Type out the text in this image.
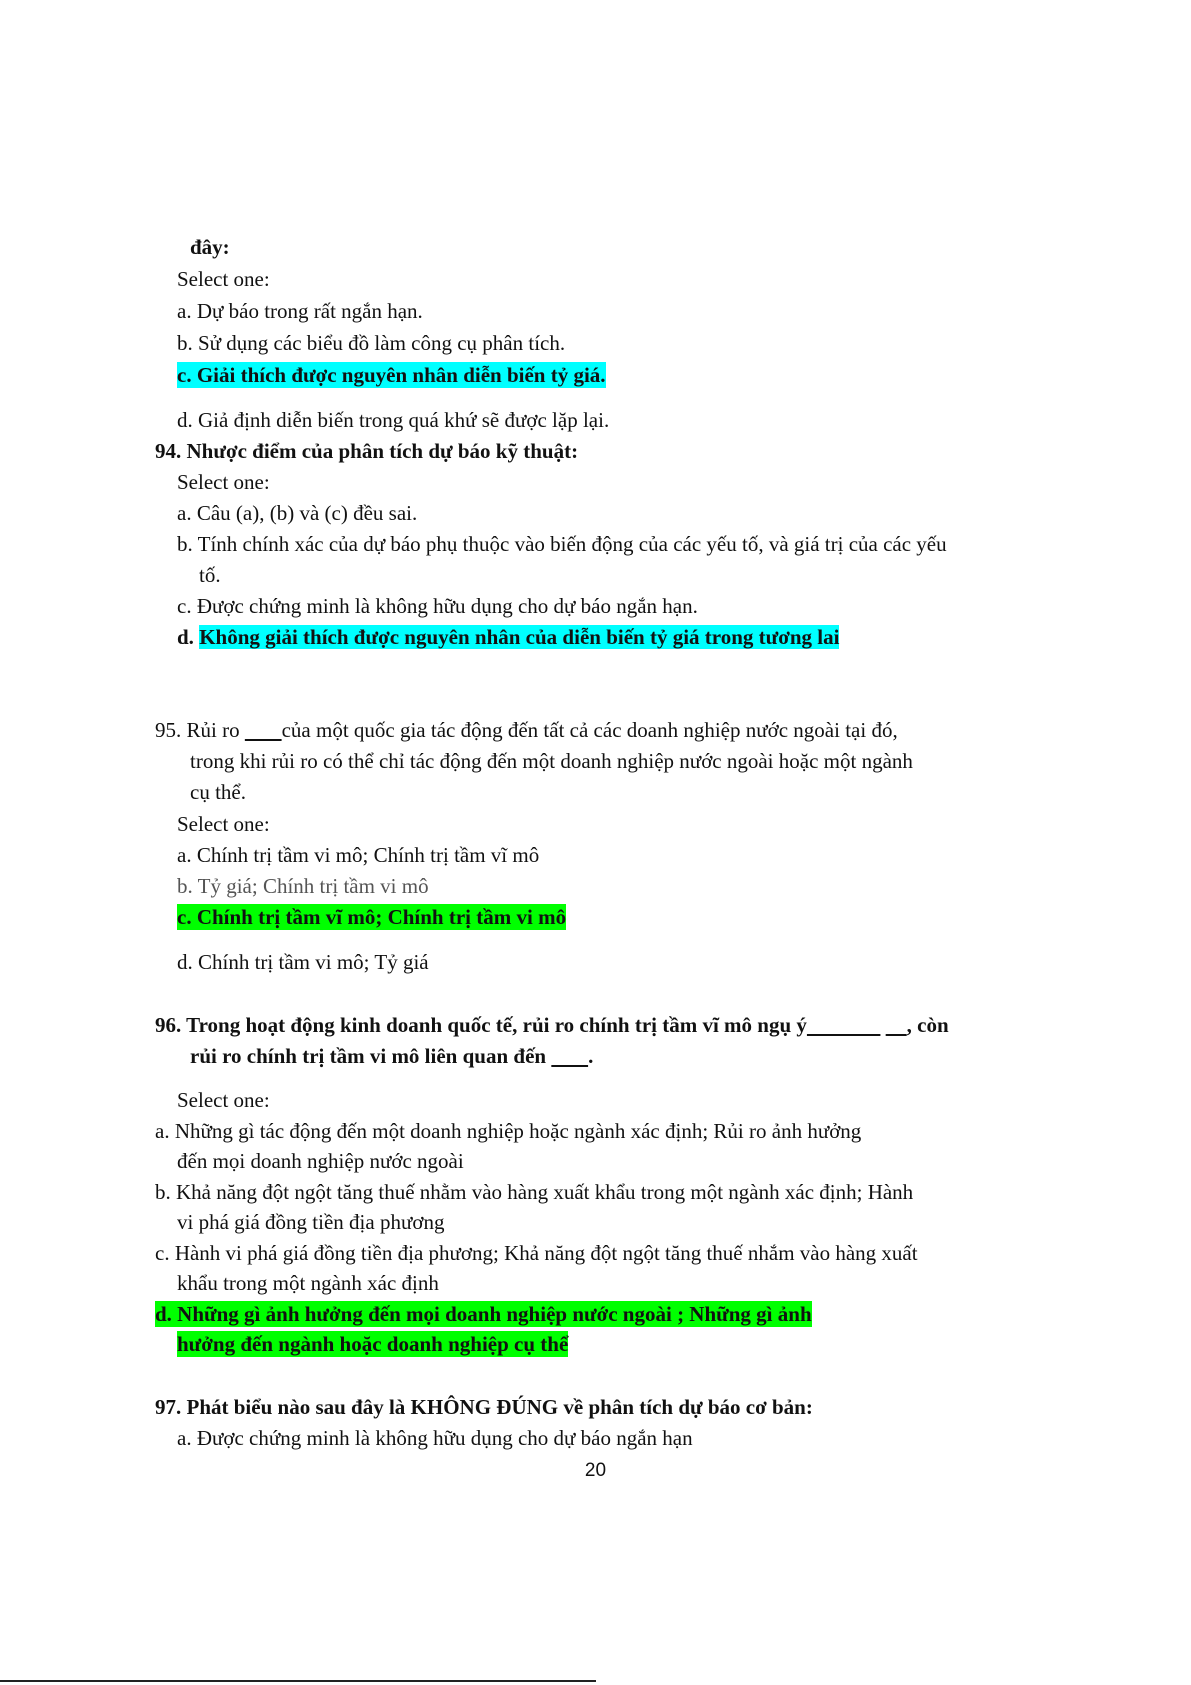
đây:
Select one:
a. Dự báo trong rất ngắn hạn.
b. Sử dụng các biểu đồ làm công cụ phân tích.
c. Giải thích được nguyên nhân diễn biến tỷ giá.
d. Giả định diễn biến trong quá khứ sẽ được lặp lại.
94. Nhược điểm của phân tích dự báo kỹ thuật:
Select one:
a. Câu (a), (b) và (c) đều sai.
b. Tính chính xác của dự báo phụ thuộc vào biến động của các yếu tố, và giá trị của các yếu
tố.
c. Được chứng minh là không hữu dụng cho dự báo ngắn hạn.
d. Không giải thích được nguyên nhân của diễn biến tỷ giá trong tương lai
95. Rủi ro của một quốc gia tác động đến tất cả các doanh nghiệp nước ngoài tại đó,
trong khi rủi ro có thể chỉ tác động đến một doanh nghiệp nước ngoài hoặc một ngành
cụ thể.
Select one:
a. Chính trị tầm vi mô; Chính trị tầm vĩ mô
b. Tỷ giá; Chính trị tầm vi mô
c. Chính trị tầm vĩ mô; Chính trị tầm vi mô
d. Chính trị tầm vi mô; Tỷ giá
96. Trong hoạt động kinh doanh quốc tế, rủi ro chính trị tầm vĩ mô ngụ ý	, còn
rủi ro chính trị tầm vi mô liên quan đến .
Select one:
a. Những gì tác động đến một doanh nghiệp hoặc ngành xác định; Rủi ro ảnh hưởng
đến mọi doanh nghiệp nước ngoài
b. Khả năng đột ngột tăng thuế nhằm vào hàng xuất khẩu trong một ngành xác định; Hành
vi phá giá đồng tiền địa phương
c. Hành vi phá giá đồng tiền địa phương; Khả năng đột ngột tăng thuế nhắm vào hàng xuất
khẩu trong một ngành xác định
d. Những gì ảnh hưởng đến mọi doanh nghiệp nước ngoài ; Những gì ảnh
hưởng đến ngành hoặc doanh nghiệp cụ thể
97. Phát biểu nào sau đây là KHÔNG ĐÚNG về phân tích dự báo cơ bản:
a. Được chứng minh là không hữu dụng cho dự báo ngắn hạn
20
